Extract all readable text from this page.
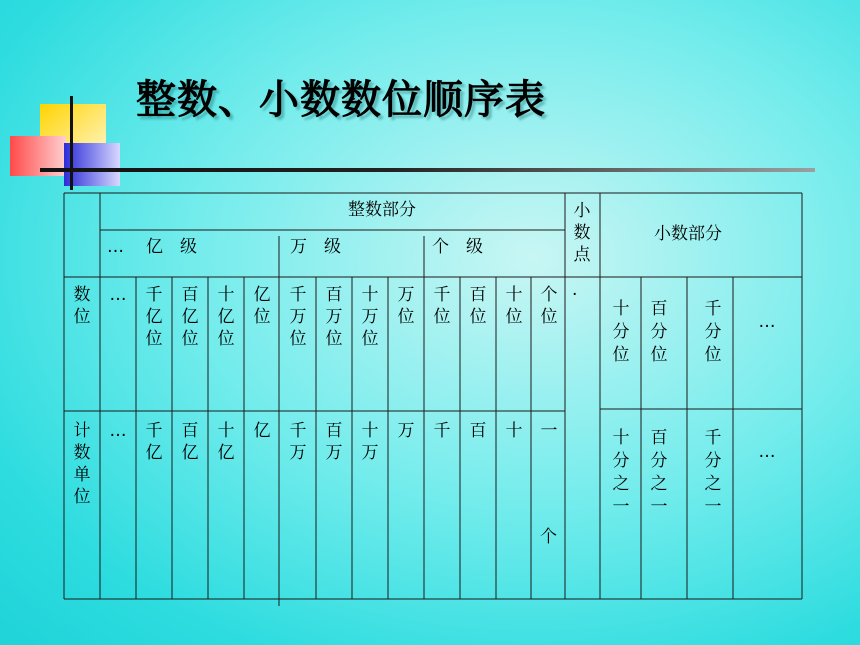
整数、小数数位顺序表
整数部分
小数部分
… 亿　级	万　级	个　级
·
个
小数点
数位
计数单位
… 千亿位
百亿位
十亿位
亿位
千万位
百万位
十万位
万位
千位
百位
十位
个位
… 千亿
百亿
十亿
亿 千万
百万
十万
万 千 百 十 一
十分位
百分位
千分位
…
十分之一
百分之一
千分之一
…
